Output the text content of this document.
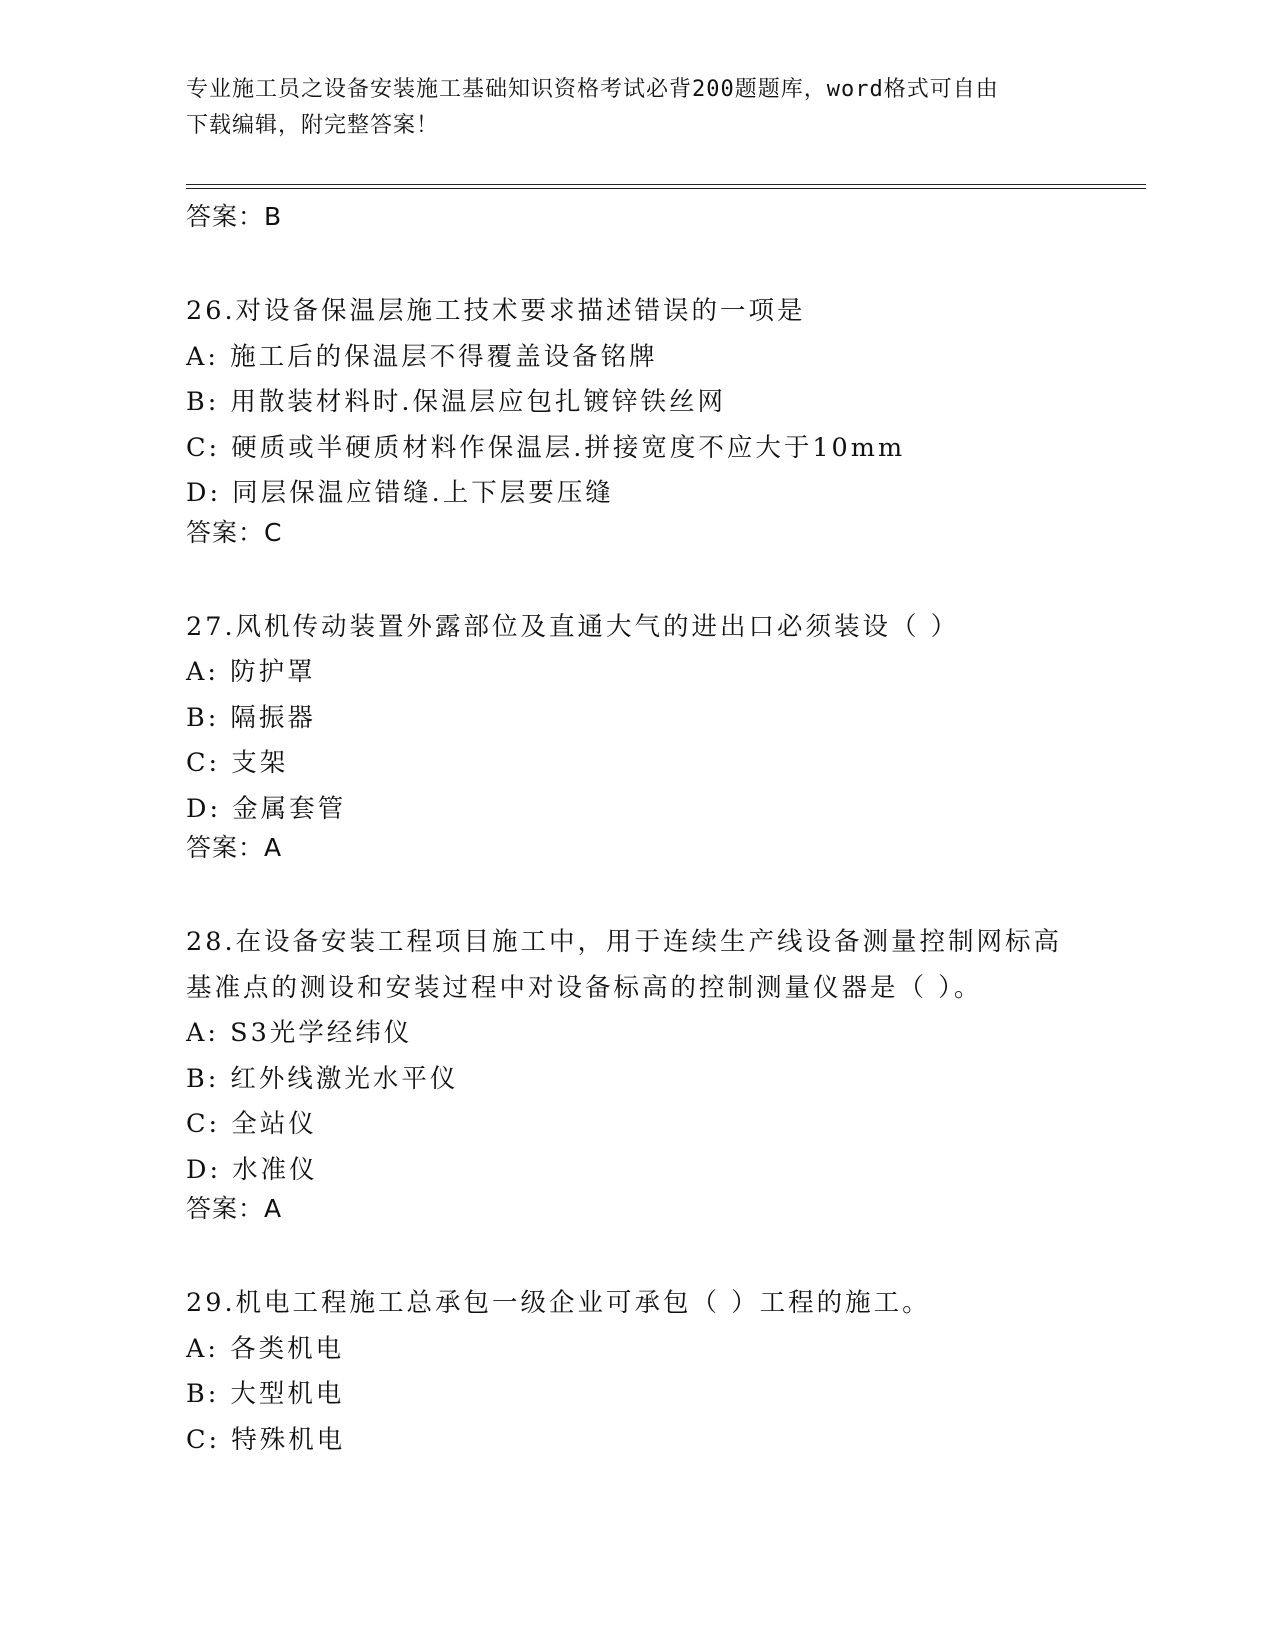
专业施工员之设备安装施工基础知识资格考试必背200题题库，word格式可自由

下载编辑，附完整答案！

答案：B

26.对设备保温层施工技术要求描述错误的一项是

A: 施工后的保温层不得覆盖设备铭牌

B: 用散装材料时.保温层应包扎镀锌铁丝网

C: 硬质或半硬质材料作保温层.拼接宽度不应大于10mm

D: 同层保温应错缝.上下层要压缝

答案：C

27.风机传动装置外露部位及直通大气的进出口必须装设（ ）

A: 防护罩

B: 隔振器

C: 支架

D: 金属套管

答案：A

28.在设备安装工程项目施工中，用于连续生产线设备测量控制网标高

基准点的测设和安装过程中对设备标高的控制测量仪器是（ ）。

A: S3光学经纬仪

B: 红外线激光水平仪

C: 全站仪

D: 水准仪

答案：A

29.机电工程施工总承包一级企业可承包（ ）工程的施工。

A: 各类机电

B: 大型机电

C: 特殊机电
